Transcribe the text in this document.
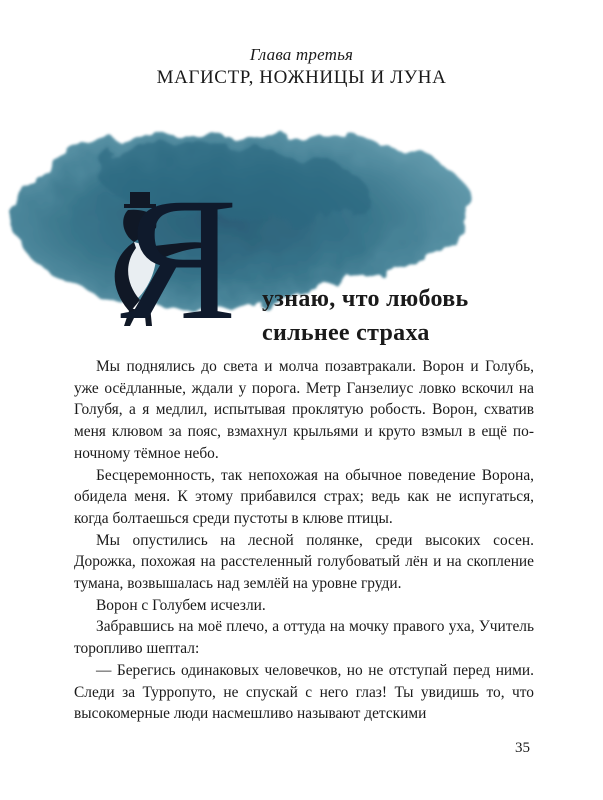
Глава третья
МАГИСТР, НОЖНИЦЫ И ЛУНА
Я узнаю, что любовь
сильнее страха

Мы поднялись до света и молча позавтракали. Ворон и Голубь, уже осёдланные, ждали у порога. Метр Ганзелиус ловко вскочил на Голубя, а я медлил, испытывая проклятую робость. Ворон, схватив меня клювом за пояс, взмахнул крыльями и круто взмыл в ещё по-ночному тёмное небо.

Бесцеремонность, так непохожая на обычное поведение Ворона, обидела меня. К этому прибавился страх; ведь как не испугаться, когда болтаешься среди пустоты в клюве птицы.

Мы опустились на лесной полянке, среди высоких сосен. Дорожка, похожая на расстеленный голубоватый лён и на скопление тумана, возвышалась над землёй на уровне груди.

Ворон с Голубем исчезли.

Забравшись на моё плечо, а оттуда на мочку правого уха, Учитель торопливо шептал:

— Берегись одинаковых человечков, но не отступай перед ними. Следи за Турропуто, не спускай с него глаз! Ты увидишь то, что высокомерные люди насмешливо называют детскими

35
